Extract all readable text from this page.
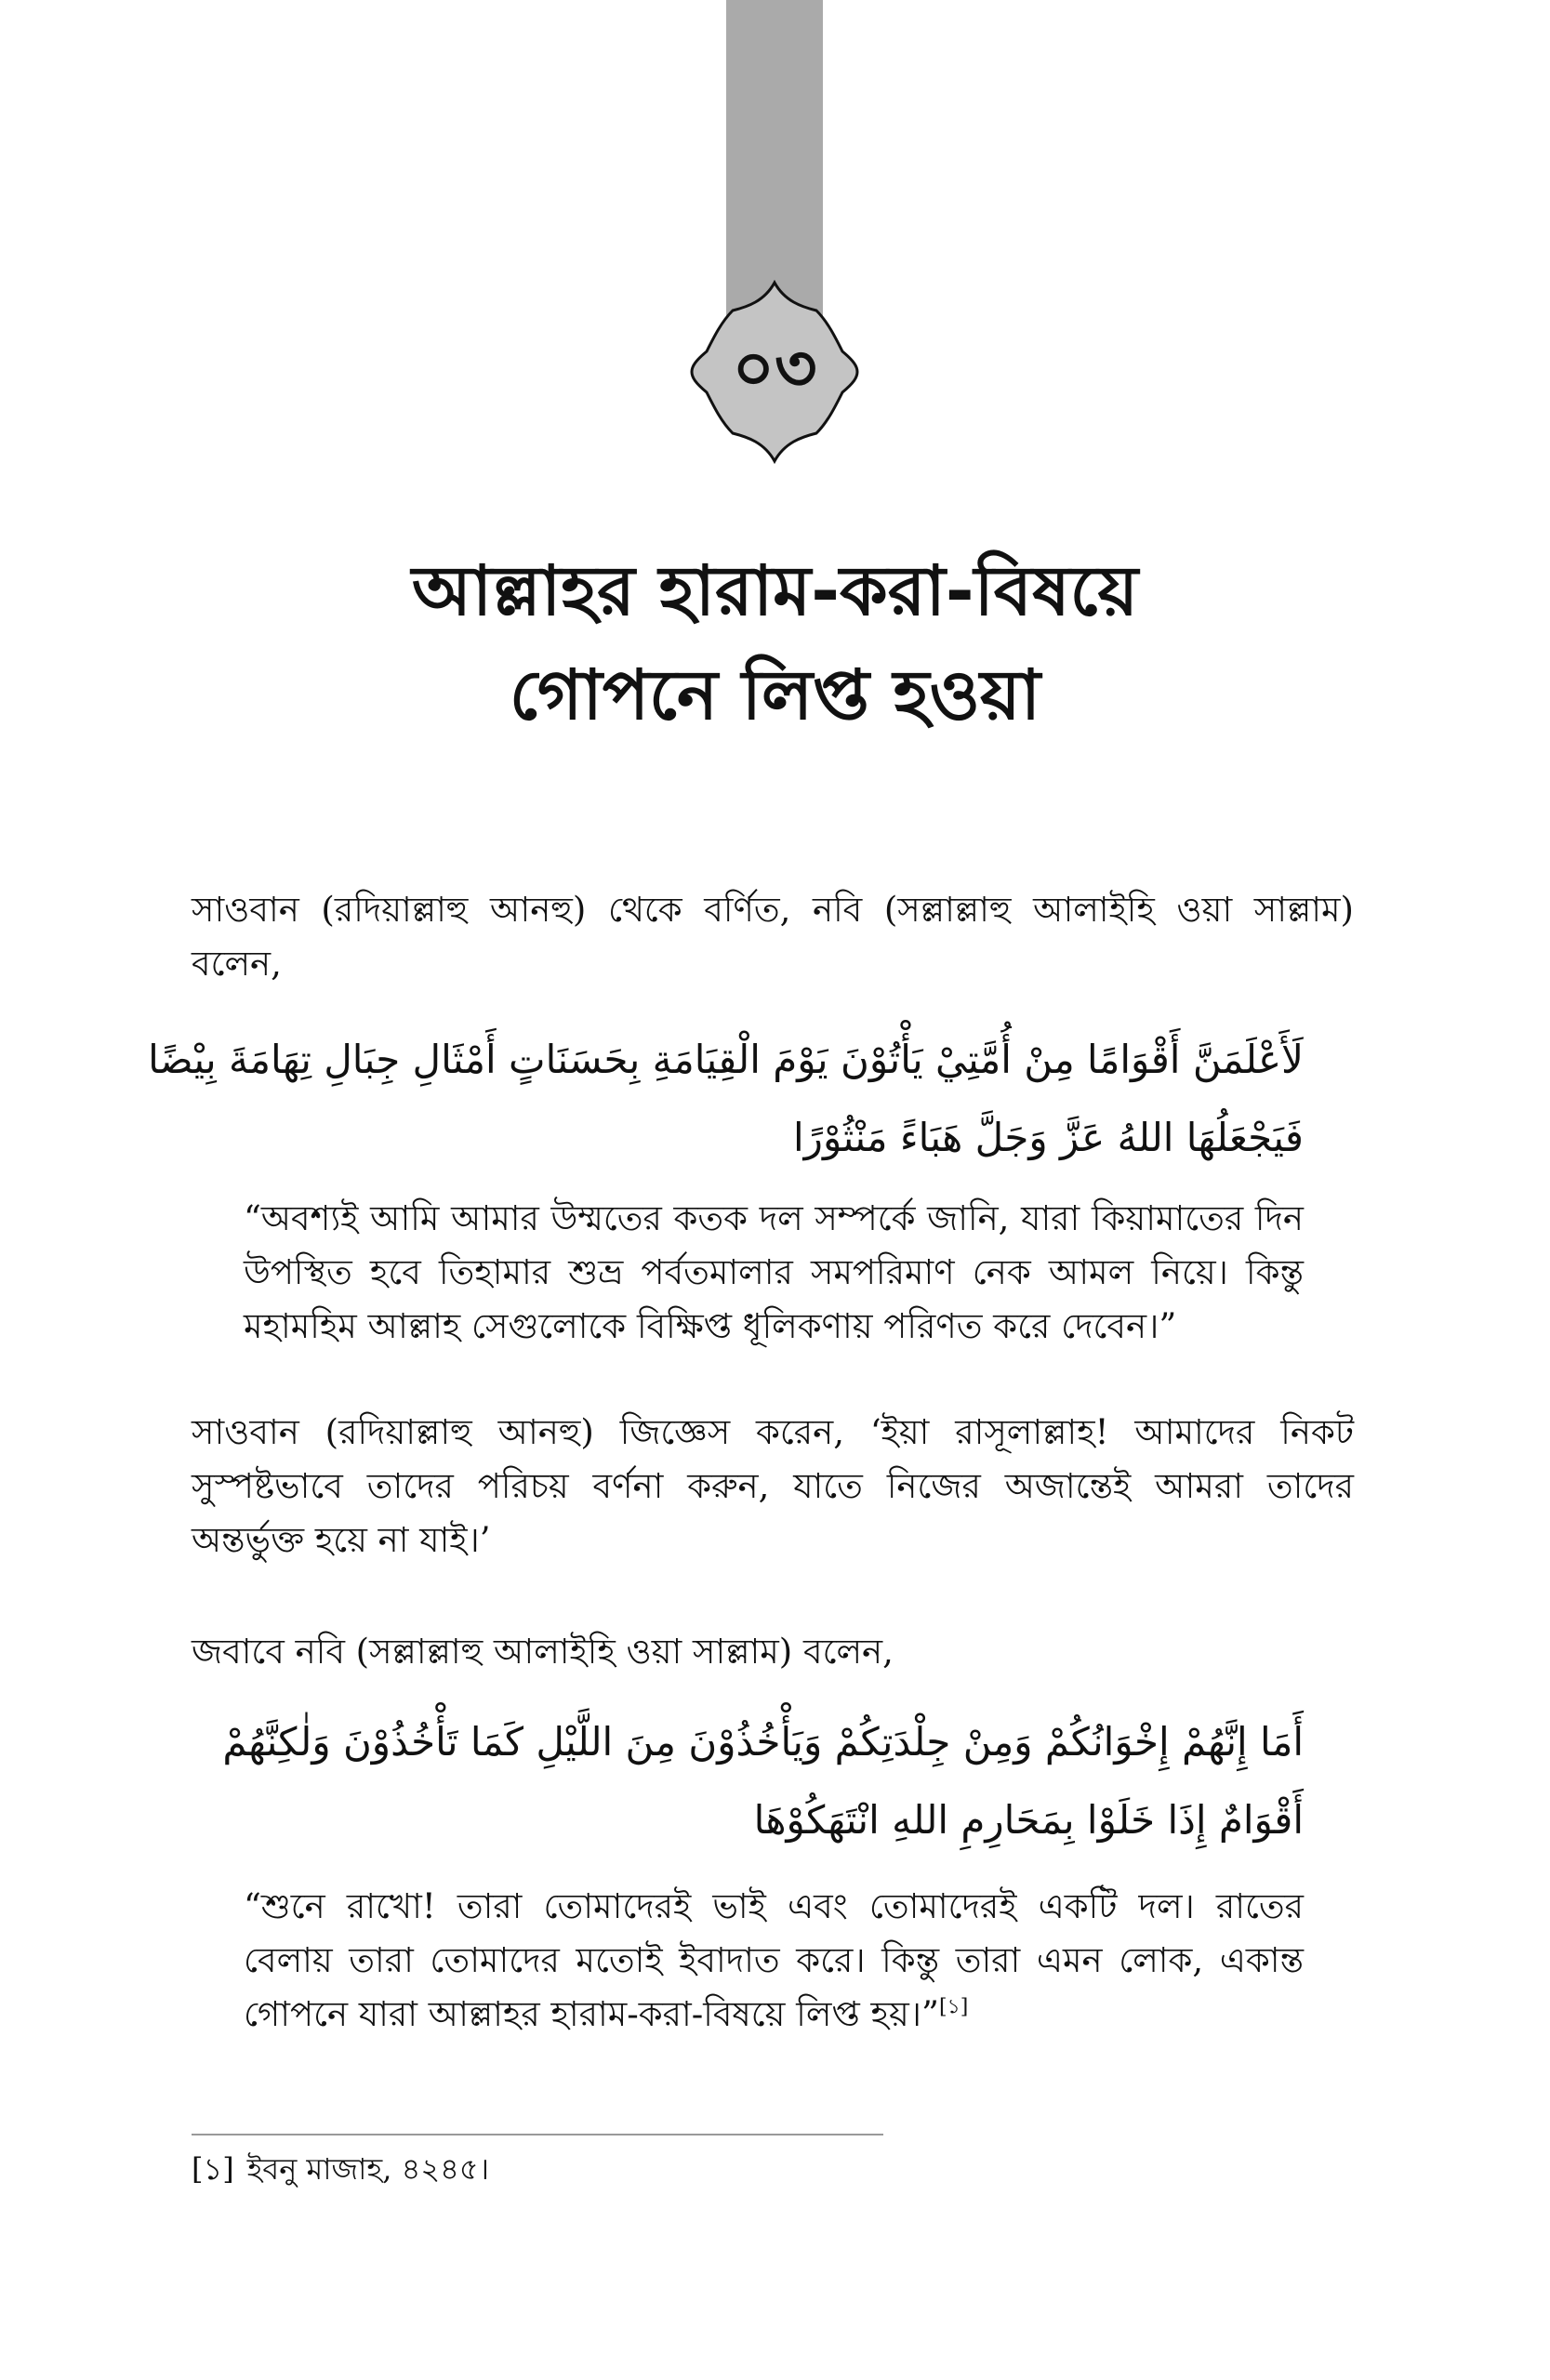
০৩
আল্লাহর হারাম-করা-বিষয়ে
গোপনে লিপ্ত হওয়া
সাওবান (রদিয়াল্লাহু আনহু) থেকে বর্ণিত, নবি (সল্লাল্লাহু আলাইহি ওয়া সাল্লাম) বলেন,
لَأَعْلَمَنَّ أَقْوَامًا مِنْ أُمَّتِيْ يَأْتُوْنَ يَوْمَ الْقِيَامَةِ بِحَسَنَاتٍ أَمْثَالِ جِبَالِ تِهَامَةَ بِيْضًا
فَيَجْعَلُهَا اللهُ عَزَّ وَجَلَّ هَبَاءً مَنْثُوْرًا
“অবশ্যই আমি আমার উম্মতের কতক দল সম্পর্কে জানি, যারা কিয়ামাতের দিন উপস্থিত হবে তিহামার শুভ্র পর্বতমালার সমপরিমাণ নেক আমল নিয়ে। কিন্তু মহামহিম আল্লাহ সেগুলোকে বিক্ষিপ্ত ধূলিকণায় পরিণত করে দেবেন।”
সাওবান (রদিয়াল্লাহু আনহু) জিজ্ঞেস করেন, ‘ইয়া রাসূলাল্লাহ! আমাদের নিকট সুস্পষ্টভাবে তাদের পরিচয় বর্ণনা করুন, যাতে নিজের অজান্তেই আমরা তাদের অন্তর্ভুক্ত হয়ে না যাই।’
জবাবে নবি (সল্লাল্লাহু আলাইহি ওয়া সাল্লাম) বলেন,
أَمَا إِنَّهُمْ إِخْوَانُكُمْ وَمِنْ جِلْدَتِكُمْ وَيَأْخُذُوْنَ مِنَ اللَّيْلِ كَمَا تَأْخُذُوْنَ وَلٰكِنَّهُمْ
أَقْوَامٌ إِذَا خَلَوْا بِمَحَارِمِ اللهِ انْتَهَكُوْهَا
“শুনে রাখো! তারা তোমাদেরই ভাই এবং তোমাদেরই একটি দল। রাতের বেলায় তারা তোমাদের মতোই ইবাদাত করে। কিন্তু তারা এমন লোক, একান্ত গোপনে যারা আল্লাহর হারাম-করা-বিষয়ে লিপ্ত হয়।”[১]
[১] ইবনু মাজাহ, ৪২৪৫।
